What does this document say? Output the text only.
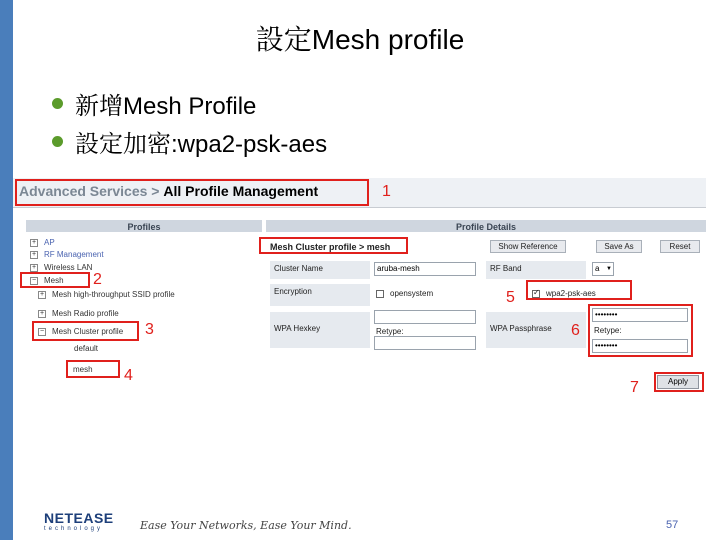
設定Mesh profile
新增Mesh Profile
設定加密:wpa2-psk-aes
Advanced Services > All Profile Management	1
Profiles
+ AP
+ RF Management
+ Wireless LAN
− Mesh
+ Mesh high-throughput SSID profile
+ Mesh Radio profile
− Mesh Cluster profile
default
mesh
2
3
4
Profile Details
Mesh Cluster profile > mesh	Show Reference	Save As	Reset
Cluster Name	aruba-mesh	RF Band	a ▼
Encryption	opensystem
✓	wpa2-psk-aes
WPA Hexkey	Retype:	WPA Passphrase
••••••••
Retype:
••••••••
5
6
Apply
7
NETEASE
technology	Ease Your Networks, Ease Your Mind.	57
